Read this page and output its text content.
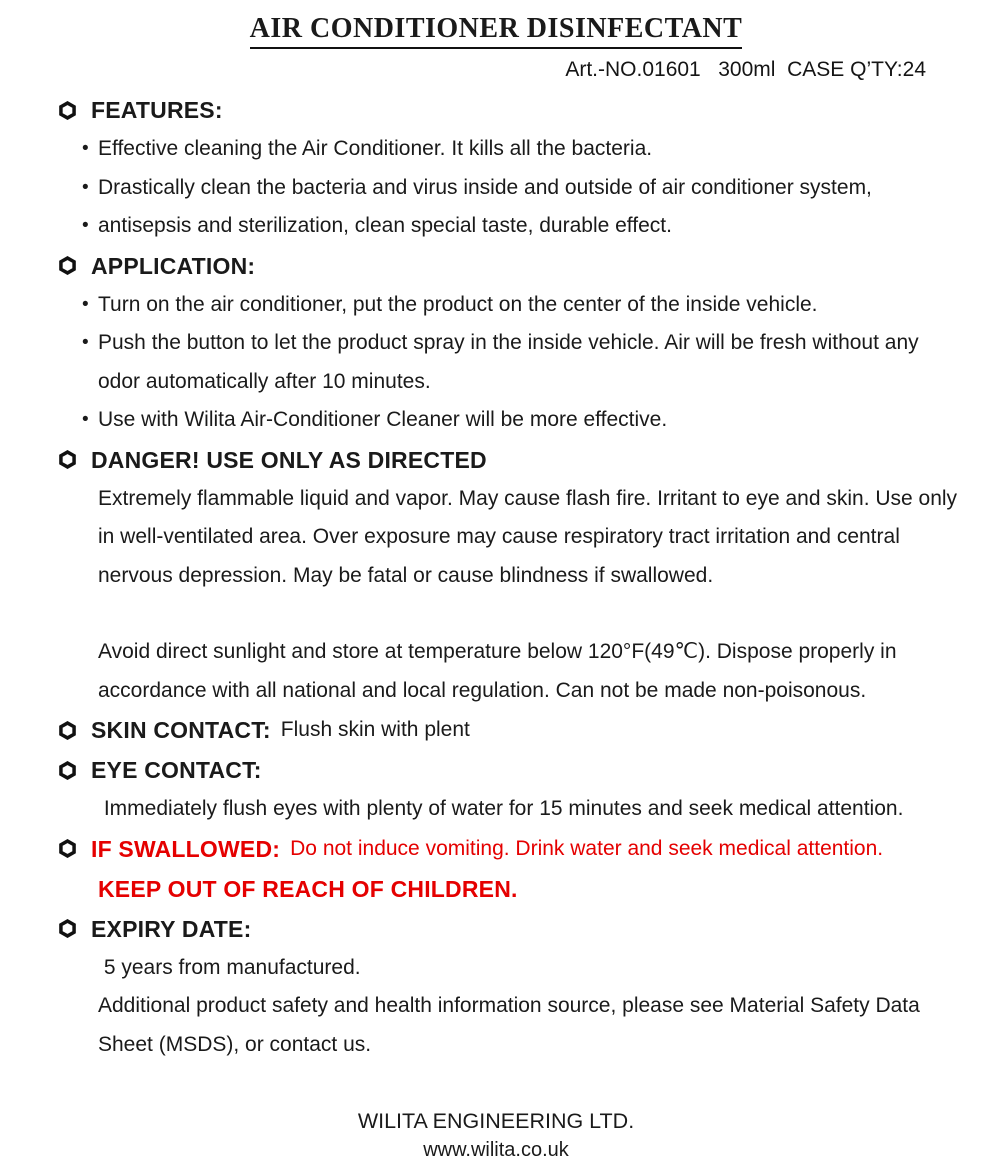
AIR CONDITIONER DISINFECTANT
Art.-NO.01601   300ml  CASE Q’TY:24
FEATURES:
• Effective cleaning the Air Conditioner. It kills all the bacteria.
• Drastically clean the bacteria and virus inside and outside of air conditioner system,
• antisepsis and sterilization, clean special taste, durable effect.
APPLICATION:
• Turn on the air conditioner, put the product on the center of the inside vehicle.
• Push the button to let the product spray in the inside vehicle. Air will be fresh without any odor automatically after 10 minutes.
• Use with Wilita Air-Conditioner Cleaner will be more effective.
DANGER! USE ONLY AS DIRECTED
Extremely flammable liquid and vapor. May cause flash fire. Irritant to eye and skin. Use only in well-ventilated area. Over exposure may cause respiratory tract irritation and central nervous depression. May be fatal or cause blindness if swallowed.
Avoid direct sunlight and store at temperature below 120°F(49℃). Dispose properly in accordance with all national and local regulation. Can not be made non-poisonous.
SKIN CONTACT: Flush skin with plent
EYE CONTACT:
Immediately flush eyes with plenty of water for 15 minutes and seek medical attention.
IF SWALLOWED: Do not induce vomiting. Drink water and seek medical attention.
KEEP OUT OF REACH OF CHILDREN.
EXPIRY DATE:
5 years from manufactured.
Additional product safety and health information source, please see Material Safety Data Sheet (MSDS), or contact us.
WILITA ENGINEERING LTD.
www.wilita.co.uk
